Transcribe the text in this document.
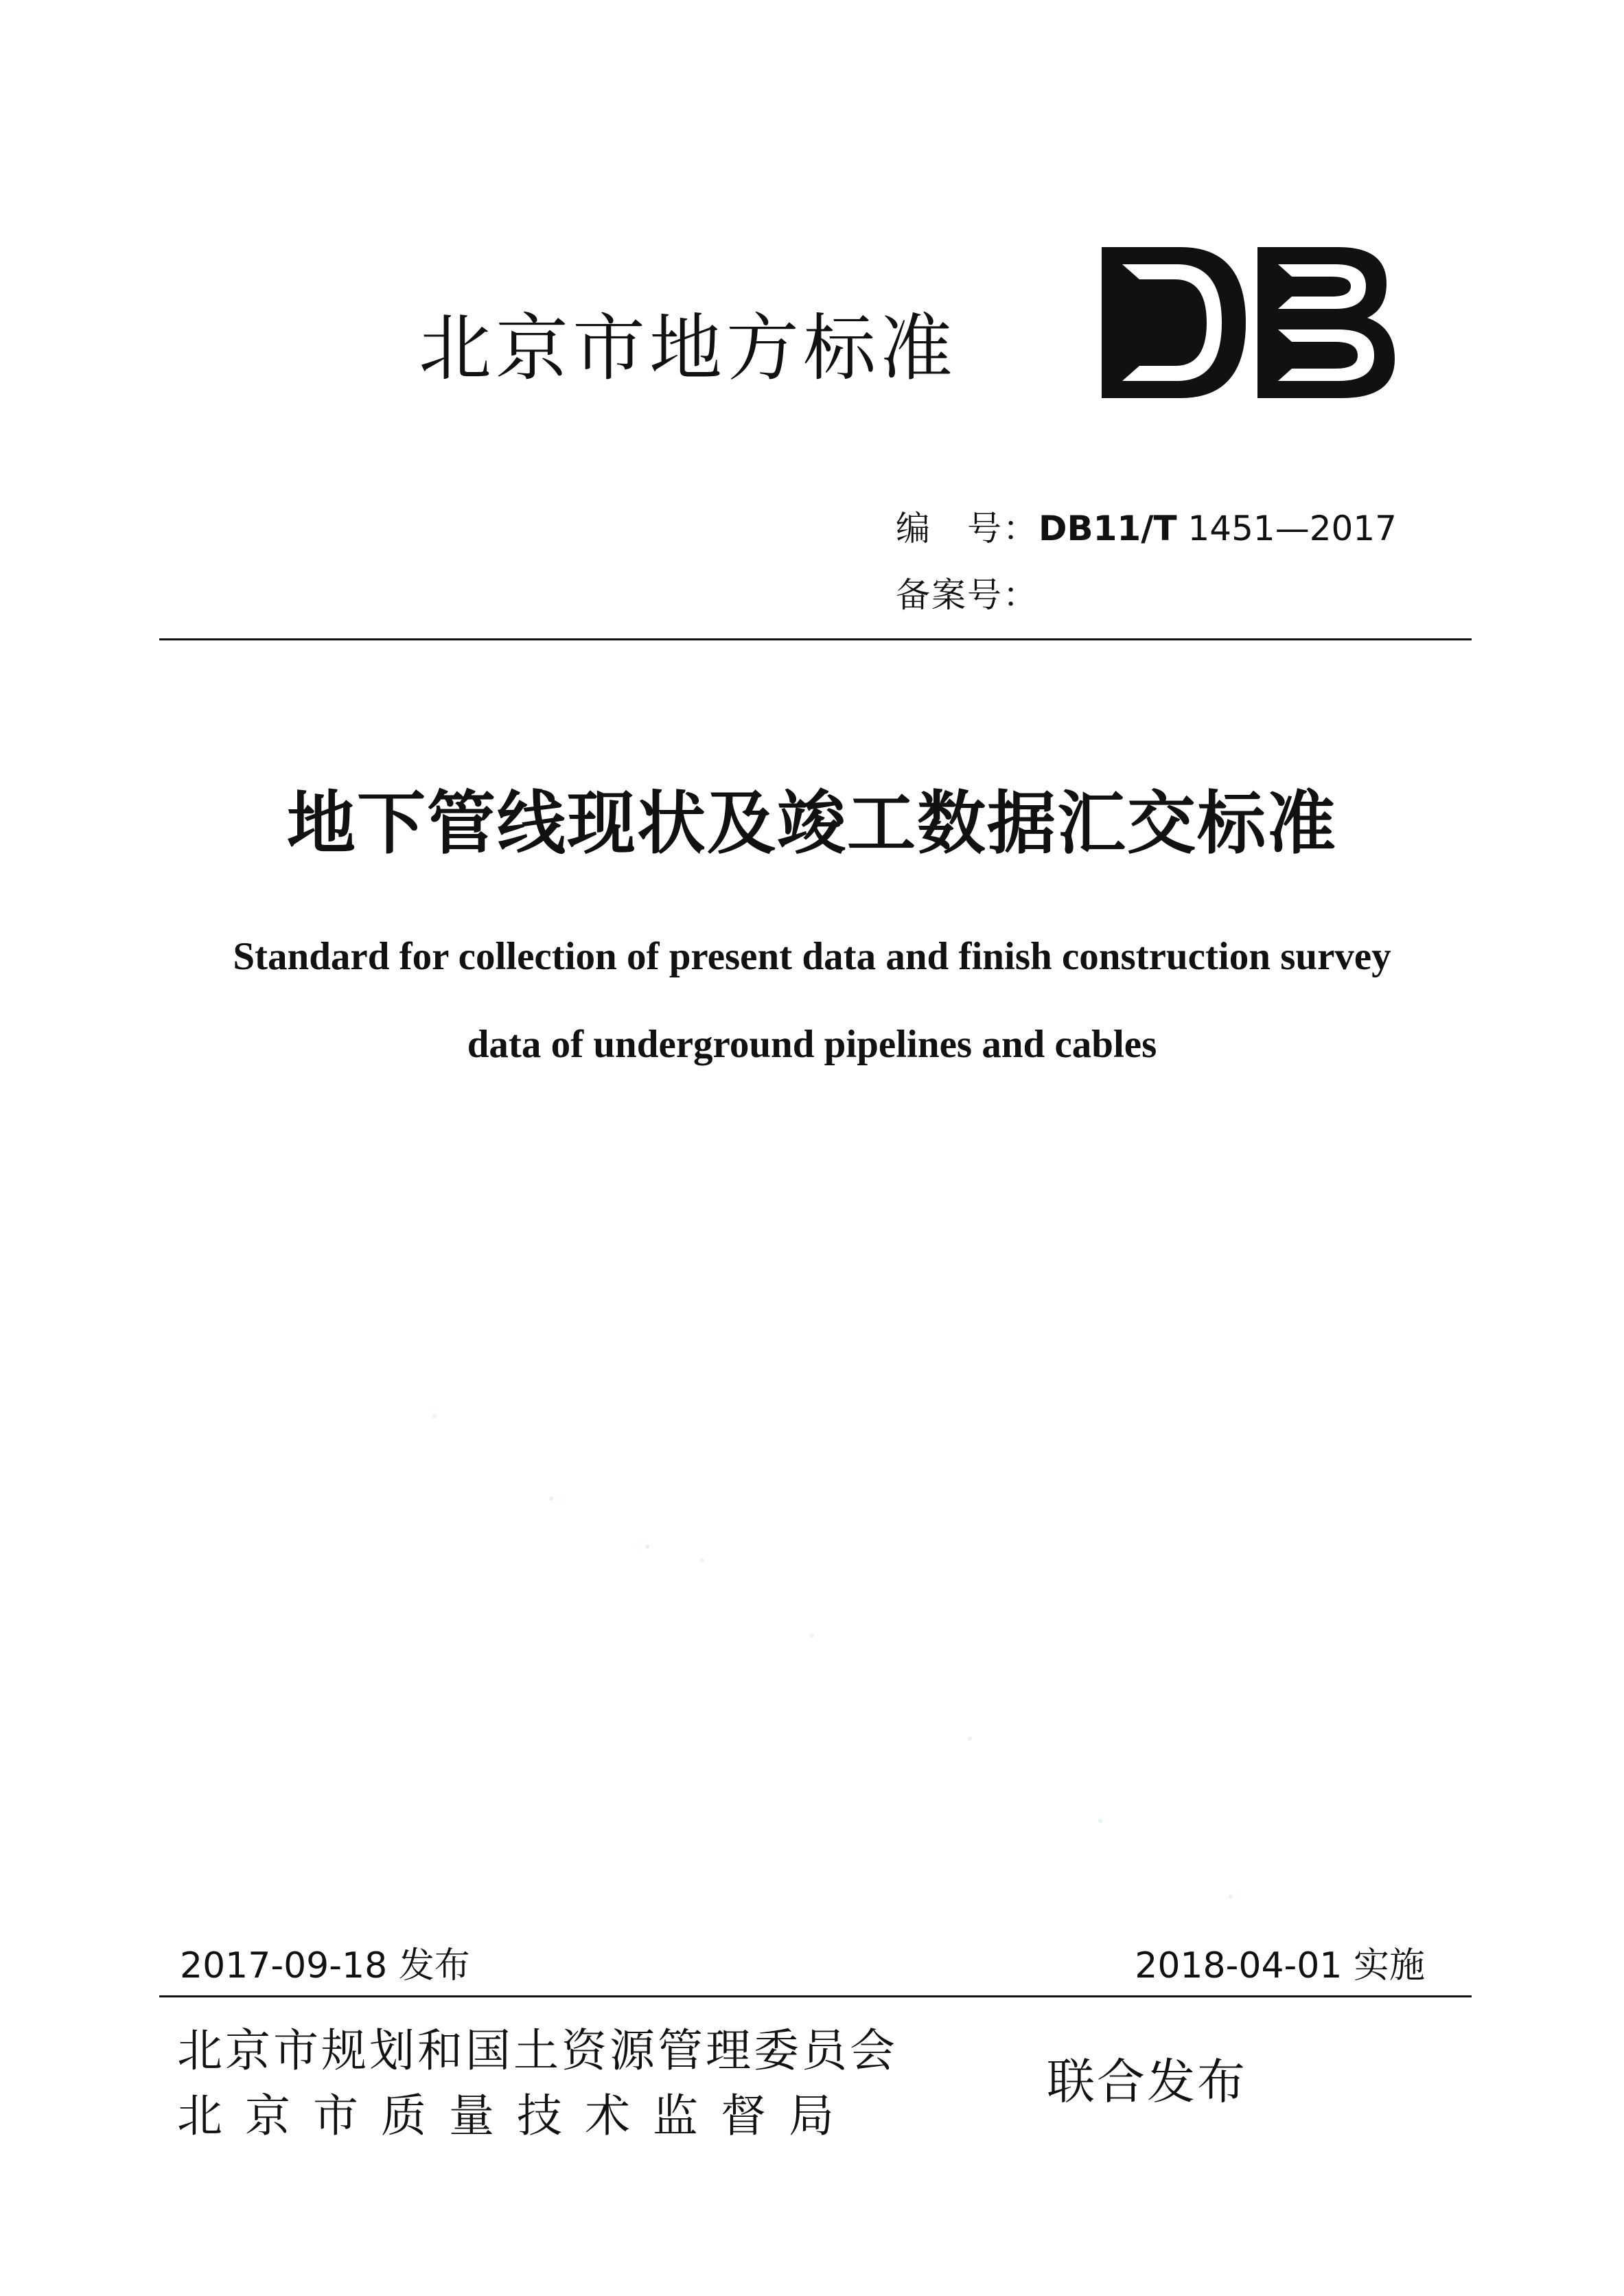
北京市地方标准
编　号：DB11/T 1451—2017
备案号：
地下管线现状及竣工数据汇交标准
Standard for collection of present data and finish construction survey
data of underground pipelines and cables
2017-09-18 发布	2018-04-01 实施
北京市规划和国土资源管理委员会
北京市质量技术监督局
联合发布
